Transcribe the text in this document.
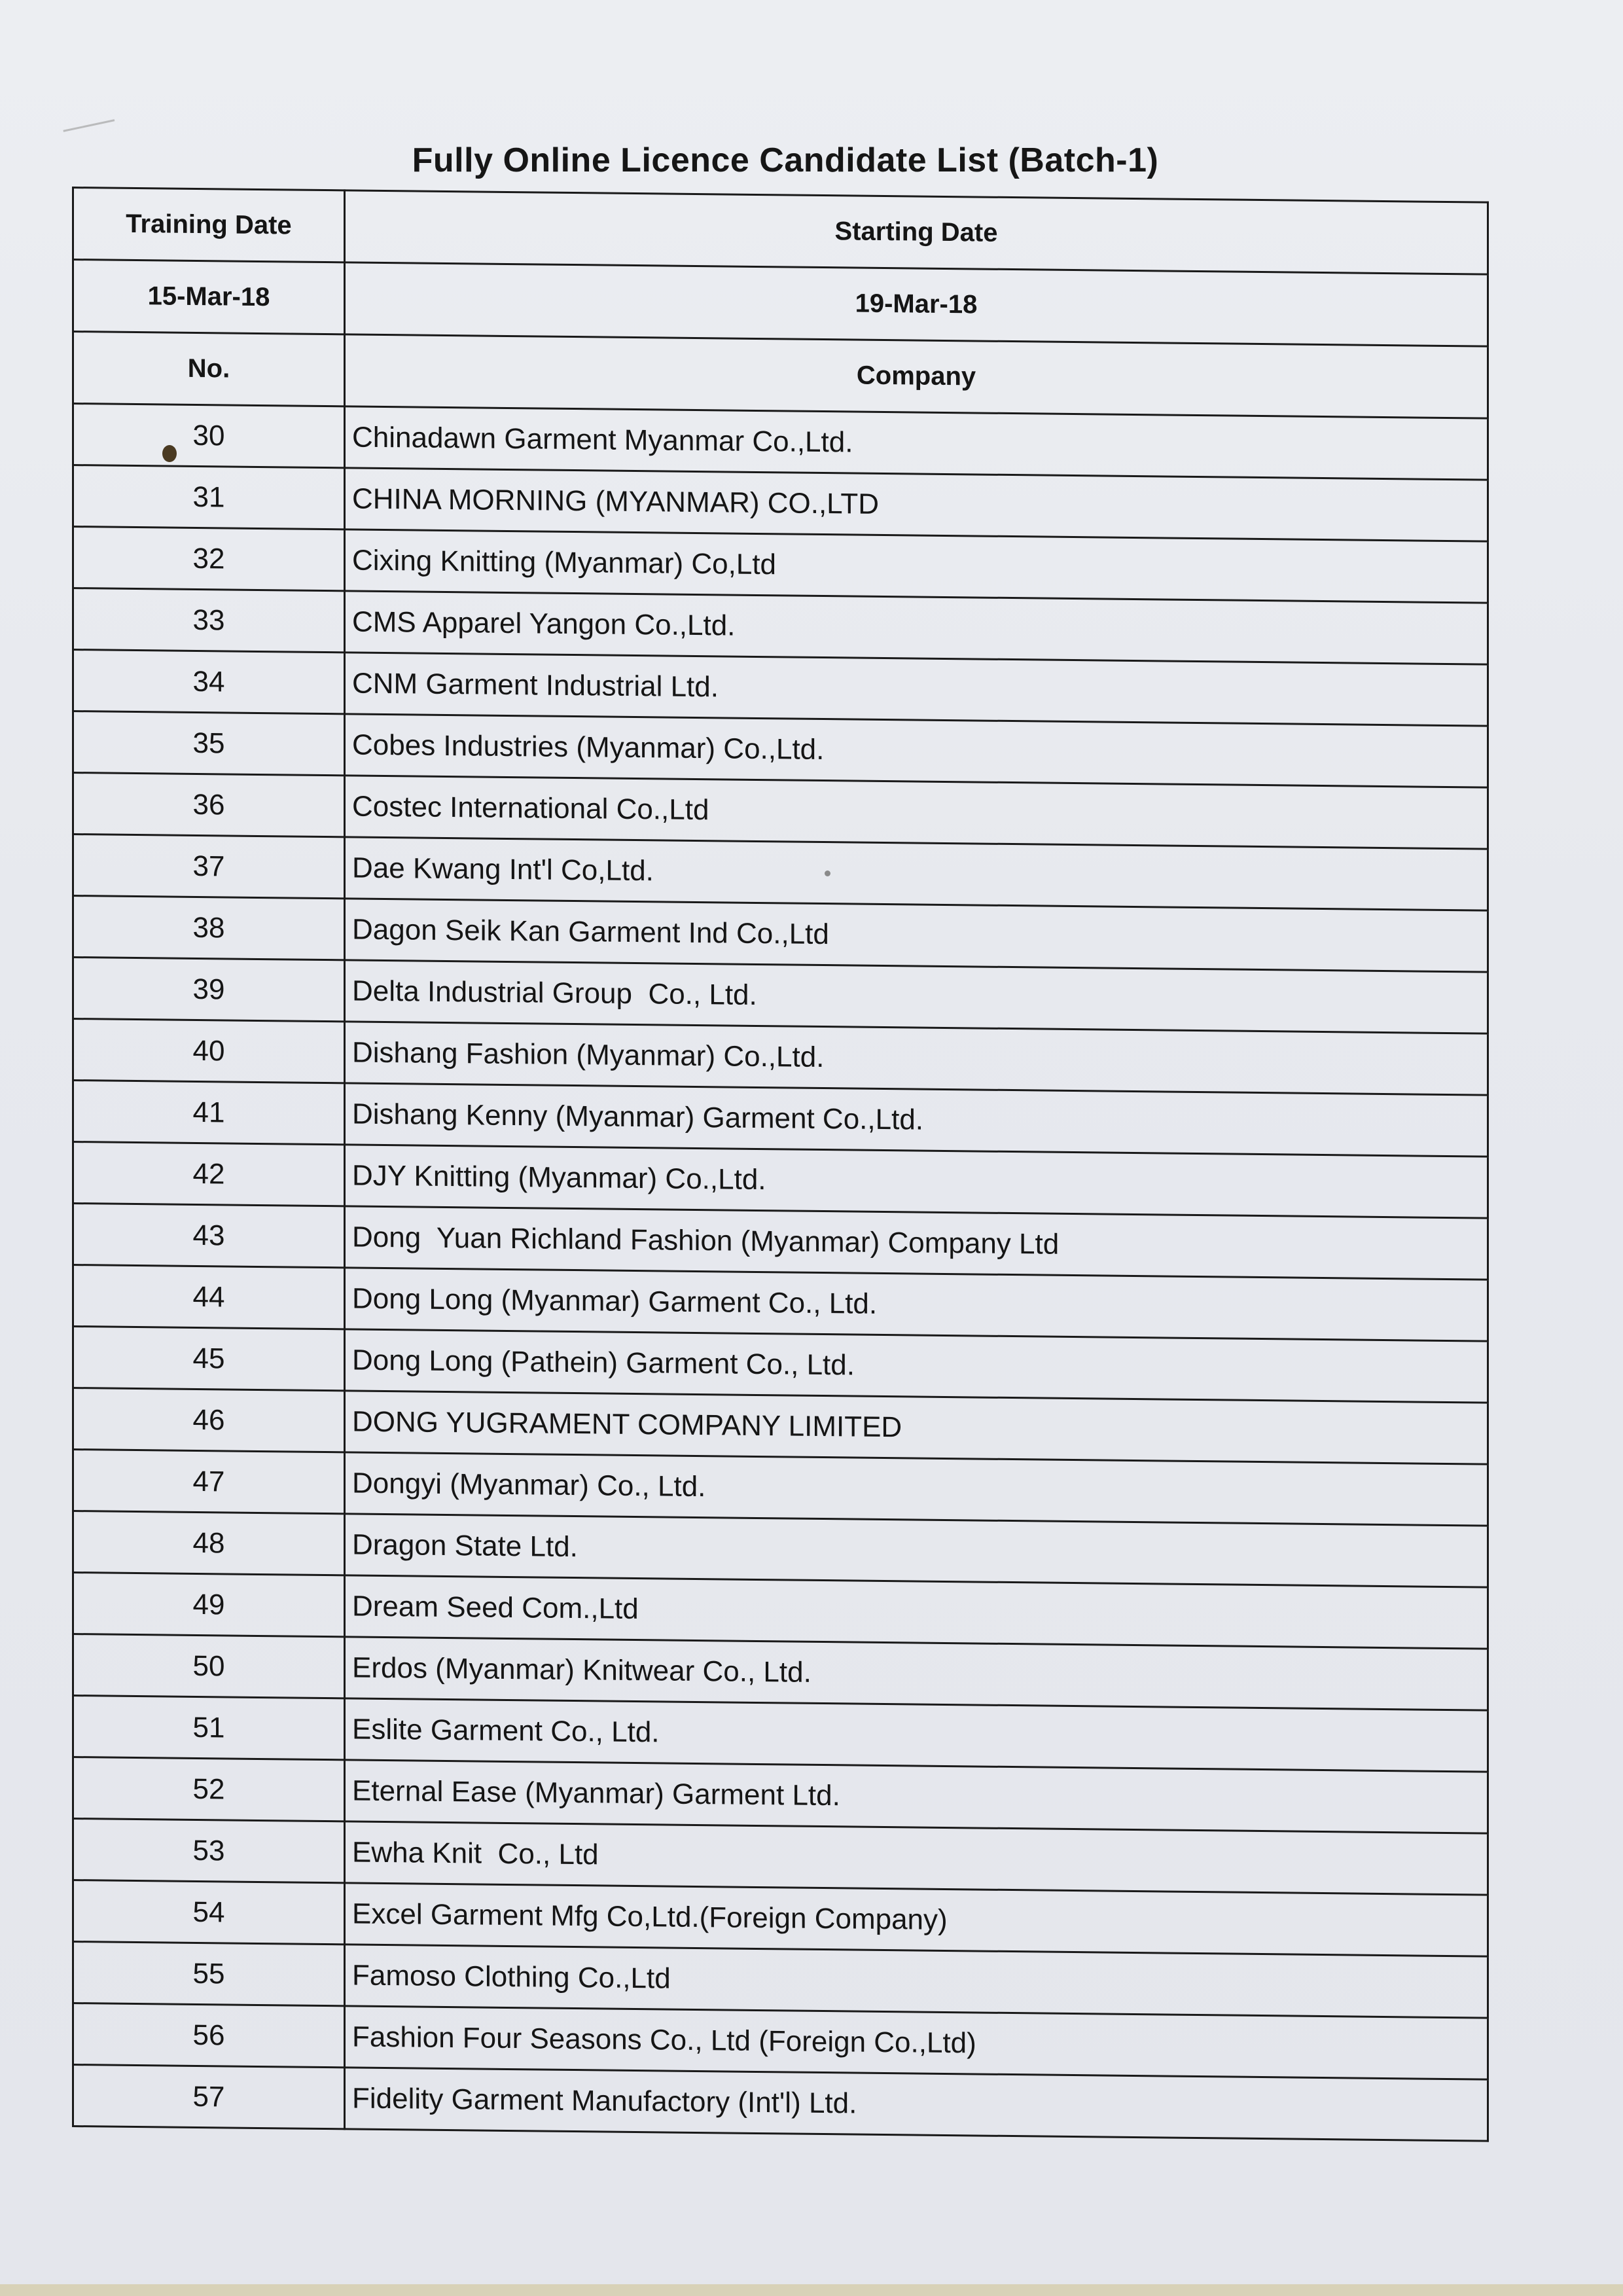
Fully Online Licence Candidate List (Batch-1)
Training Date	Starting Date
15-Mar-18	19-Mar-18
No.	Company
30	Chinadawn Garment Myanmar Co.,Ltd.
31	CHINA MORNING (MYANMAR) CO.,LTD
32	Cixing Knitting (Myanmar) Co,Ltd
33	CMS Apparel Yangon Co.,Ltd.
34	CNM Garment Industrial Ltd.
35	Cobes Industries (Myanmar) Co.,Ltd.
36	Costec International Co.,Ltd
37	Dae Kwang Int'l Co,Ltd.
38	Dagon Seik Kan Garment Ind Co.,Ltd
39	Delta Industrial Group  Co., Ltd.
40	Dishang Fashion (Myanmar) Co.,Ltd.
41	Dishang Kenny (Myanmar) Garment Co.,Ltd.
42	DJY Knitting (Myanmar) Co.,Ltd.
43	Dong  Yuan Richland Fashion (Myanmar) Company Ltd
44	Dong Long (Myanmar) Garment Co., Ltd.
45	Dong Long (Pathein) Garment Co., Ltd.
46	DONG YUGRAMENT COMPANY LIMITED
47	Dongyi (Myanmar) Co., Ltd.
48	Dragon State Ltd.
49	Dream Seed Com.,Ltd
50	Erdos (Myanmar) Knitwear Co., Ltd.
51	Eslite Garment Co., Ltd.
52	Eternal Ease (Myanmar) Garment Ltd.
53	Ewha Knit  Co., Ltd
54	Excel Garment Mfg Co,Ltd.(Foreign Company)
55	Famoso Clothing Co.,Ltd
56	Fashion Four Seasons Co., Ltd (Foreign Co.,Ltd)
57	Fidelity Garment Manufactory (Int'l) Ltd.
